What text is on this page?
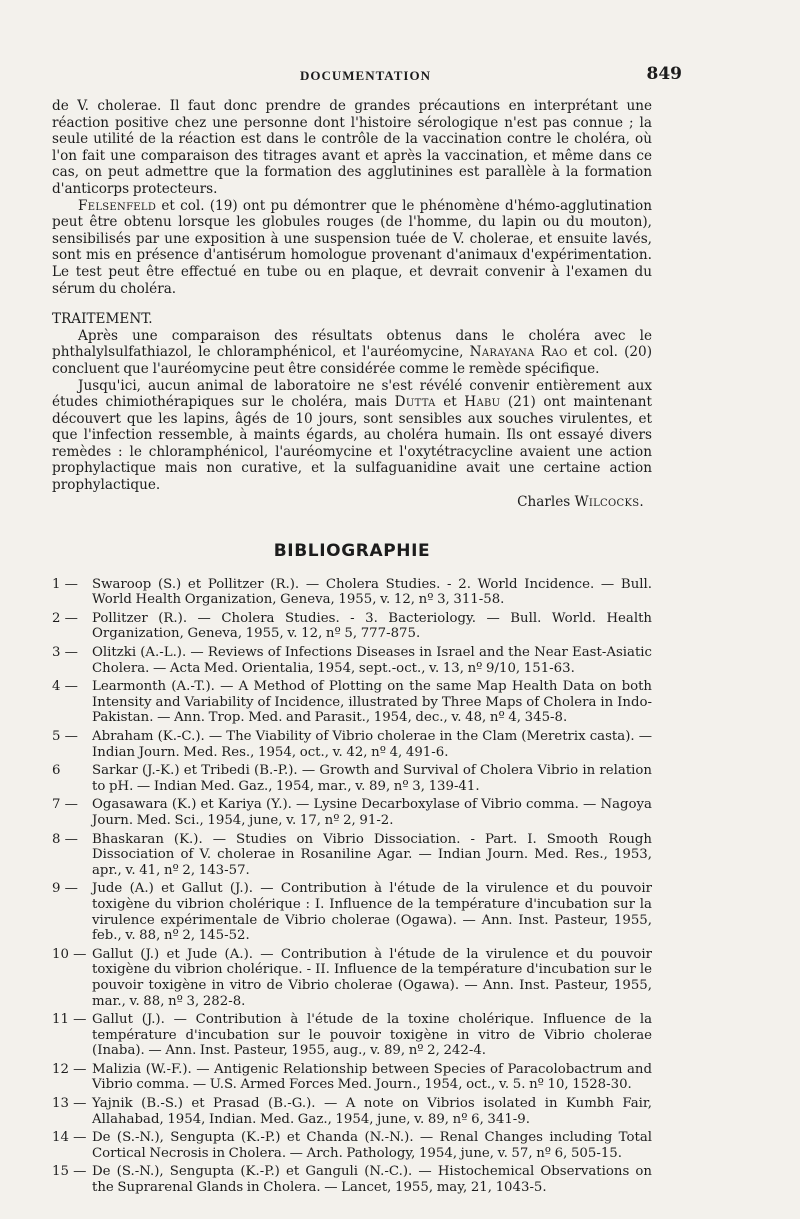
DOCUMENTATION	849

de V. cholerae. Il faut donc prendre de grandes précautions en interprétant une réaction positive chez une personne dont l'histoire sérologique n'est pas connue ; la seule utilité de la réaction est dans le contrôle de la vaccination contre le choléra, où l'on fait une comparaison des titrages avant et après la vaccination, et même dans ce cas, on peut admettre que la formation des agglutinines est parallèle à la formation d'anticorps protecteurs.

Felsenfeld et col. (19) ont pu démontrer que le phénomène d'hémo-agglutination peut être obtenu lorsque les globules rouges (de l'homme, du lapin ou du mouton), sensibilisés par une exposition à une suspension tuée de V. cholerae, et ensuite lavés, sont mis en présence d'antisérum homologue provenant d'animaux d'expérimentation. Le test peut être effectué en tube ou en plaque, et devrait convenir à l'examen du sérum du choléra.

TRAITEMENT.

Après une comparaison des résultats obtenus dans le choléra avec le phthalylsulfathiazol, le chloramphénicol, et l'auréomycine, Narayana Rao et col. (20) concluent que l'auréomycine peut être considérée comme le remède spécifique.

Jusqu'ici, aucun animal de laboratoire ne s'est révélé convenir entièrement aux études chimiothérapiques sur le choléra, mais Dutta et Habu (21) ont maintenant découvert que les lapins, âgés de 10 jours, sont sensibles aux souches virulentes, et que l'infection ressemble, à maints égards, au choléra humain. Ils ont essayé divers remèdes : le chloramphénicol, l'auréomycine et l'oxytétracycline avaient une action prophylactique mais non curative, et la sulfaguanidine avait une certaine action prophylactique.

Charles Wilcocks.
BIBLIOGRAPHIE
1 —	Swaroop (S.) et Pollitzer (R.). — Cholera Studies. - 2. World Incidence. — Bull. World Health Organization, Geneva, 1955, v. 12, nº 3, 311-58.
2 —	Pollitzer (R.). — Cholera Studies. - 3. Bacteriology. — Bull. World. Health Organization, Geneva, 1955, v. 12, nº 5, 777-875.
3 —	Olitzki (A.-L.). — Reviews of Infections Diseases in Israel and the Near East-Asiatic Cholera. — Acta Med. Orientalia, 1954, sept.-oct., v. 13, nº 9/10, 151-63.
4 —	Learmonth (A.-T.). — A Method of Plotting on the same Map Health Data on both Intensity and Variability of Incidence, illustrated by Three Maps of Cholera in Indo-Pakistan. — Ann. Trop. Med. and Parasit., 1954, dec., v. 48, nº 4, 345-8.
5 —	Abraham (K.-C.). — The Viability of Vibrio cholerae in the Clam (Meretrix casta). — Indian Journ. Med. Res., 1954, oct., v. 42, nº 4, 491-6.
6	Sarkar (J.-K.) et Tribedi (B.-P.). — Growth and Survival of Cholera Vibrio in relation to pH. — Indian Med. Gaz., 1954, mar., v. 89, nº 3, 139-41.
7 —	Ogasawara (K.) et Kariya (Y.). — Lysine Decarboxylase of Vibrio comma. — Nagoya Journ. Med. Sci., 1954, june, v. 17, nº 2, 91-2.
8 —	Bhaskaran (K.). — Studies on Vibrio Dissociation. - Part. I. Smooth Rough Dissociation of V. cholerae in Rosaniline Agar. — Indian Journ. Med. Res., 1953, apr., v. 41, nº 2, 143-57.
9 —	Jude (A.) et Gallut (J.). — Contribution à l'étude de la virulence et du pouvoir toxigène du vibrion cholérique : I. Influence de la température d'incubation sur la virulence expérimentale de Vibrio cholerae (Ogawa). — Ann. Inst. Pasteur, 1955, feb., v. 88, nº 2, 145-52.
10 — Gallut (J.) et Jude (A.). — Contribution à l'étude de la virulence et du pouvoir toxigène du vibrion cholérique. - II. Influence de la température d'incubation sur le pouvoir toxigène in vitro de Vibrio cholerae (Ogawa). — Ann. Inst. Pasteur, 1955, mar., v. 88, nº 3, 282-8.
11 — Gallut (J.). — Contribution à l'étude de la toxine cholérique. Influence de la température d'incubation sur le pouvoir toxigène in vitro de Vibrio cholerae (Inaba). — Ann. Inst. Pasteur, 1955, aug., v. 89, nº 2, 242-4.
12 — Malizia (W.-F.). — Antigenic Relationship between Species of Paracolobactrum and Vibrio comma. — U.S. Armed Forces Med. Journ., 1954, oct., v. 5. nº 10, 1528-30.
13 — Yajnik (B.-S.) et Prasad (B.-G.). — A note on Vibrios isolated in Kumbh Fair, Allahabad, 1954, Indian. Med. Gaz., 1954, june, v. 89, nº 6, 341-9.
14 — De (S.-N.), Sengupta (K.-P.) et Chanda (N.-N.). — Renal Changes including Total Cortical Necrosis in Cholera. — Arch. Pathology, 1954, june, v. 57, nº 6, 505-15.
15 — De (S.-N.), Sengupta (K.-P.) et Ganguli (N.-C.). — Histochemical Observations on the Suprarenal Glands in Cholera. — Lancet, 1955, may, 21, 1043-5.
